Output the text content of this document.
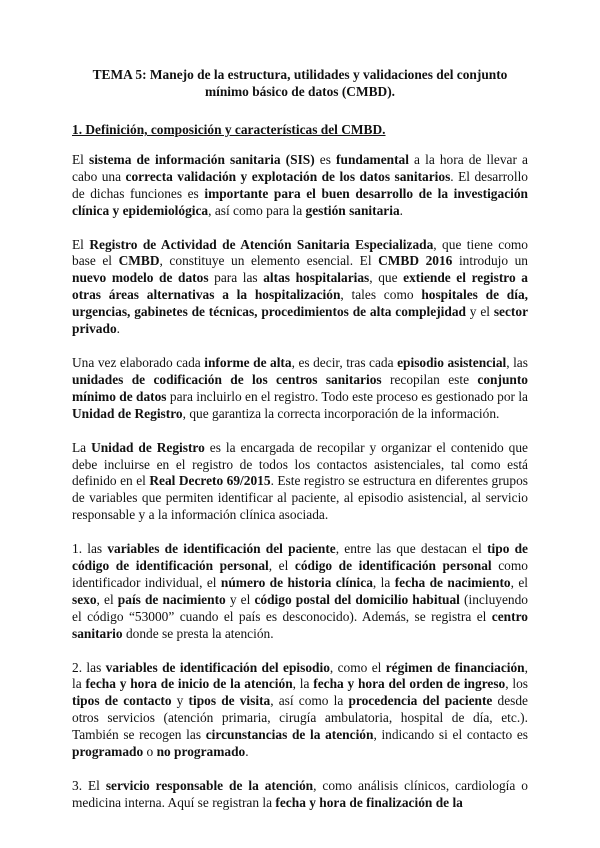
TEMA 5: Manejo de la estructura, utilidades y validaciones del conjunto mínimo básico de datos (CMBD).
1. Definición, composición y características del CMBD.

El sistema de información sanitaria (SIS) es fundamental a la hora de llevar a cabo una correcta validación y explotación de los datos sanitarios. El desarrollo de dichas funciones es importante para el buen desarrollo de la investigación clínica y epidemiológica, así como para la gestión sanitaria.

El Registro de Actividad de Atención Sanitaria Especializada, que tiene como base el CMBD, constituye un elemento esencial. El CMBD 2016 introdujo un nuevo modelo de datos para las altas hospitalarias, que extiende el registro a otras áreas alternativas a la hospitalización, tales como hospitales de día, urgencias, gabinetes de técnicas, procedimientos de alta complejidad y el sector privado.

Una vez elaborado cada informe de alta, es decir, tras cada episodio asistencial, las unidades de codificación de los centros sanitarios recopilan este conjunto mínimo de datos para incluirlo en el registro. Todo este proceso es gestionado por la Unidad de Registro, que garantiza la correcta incorporación de la información.

La Unidad de Registro es la encargada de recopilar y organizar el contenido que debe incluirse en el registro de todos los contactos asistenciales, tal como está definido en el Real Decreto 69/2015. Este registro se estructura en diferentes grupos de variables que permiten identificar al paciente, al episodio asistencial, al servicio responsable y a la información clínica asociada.

1. las variables de identificación del paciente, entre las que destacan el tipo de código de identificación personal, el código de identificación personal como identificador individual, el número de historia clínica, la fecha de nacimiento, el sexo, el país de nacimiento y el código postal del domicilio habitual (incluyendo el código “53000” cuando el país es desconocido). Además, se registra el centro sanitario donde se presta la atención.

2. las variables de identificación del episodio, como el régimen de financiación, la fecha y hora de inicio de la atención, la fecha y hora del orden de ingreso, los tipos de contacto y tipos de visita, así como la procedencia del paciente desde otros servicios (atención primaria, cirugía ambulatoria, hospital de día, etc.). También se recogen las circunstancias de la atención, indicando si el contacto es programado o no programado.

3. El servicio responsable de la atención, como análisis clínicos, cardiología o medicina interna. Aquí se registran la fecha y hora de finalización de la
